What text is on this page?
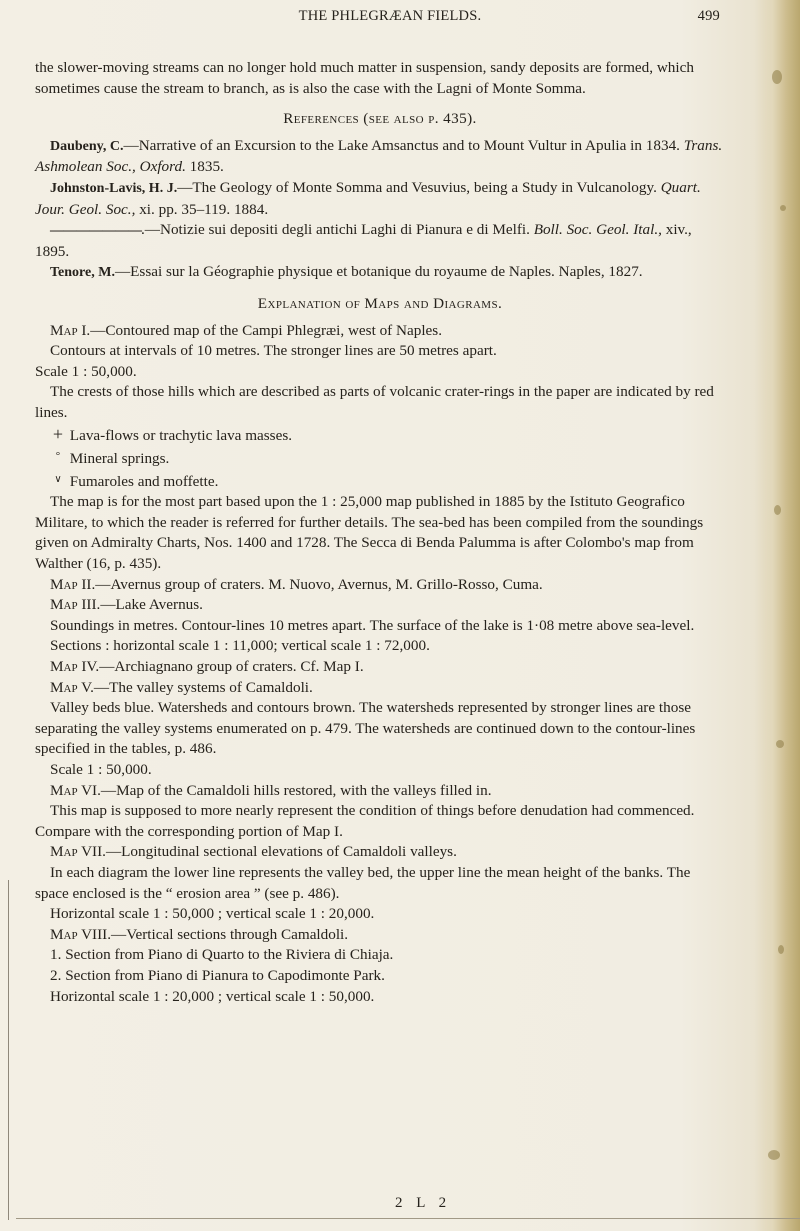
THE PHLEGRÆAN FIELDS.	499

the slower-moving streams can no longer hold much matter in suspension, sandy deposits are formed, which sometimes cause the stream to branch, as is also the case with the Lagni of Monte Somma.

References (see also p. 435).

Daubeny, C.—Narrative of an Excursion to the Lake Amsanctus and to Mount Vultur in Apulia in 1834. Trans. Ashmolean Soc., Oxford. 1835.

Johnston-Lavis, H. J.—The Geology of Monte Somma and Vesuvius, being a Study in Vulcanology. Quart. Jour. Geol. Soc., xi. pp. 35–119. 1884.

———————.—Notizie sui depositi degli antichi Laghi di Pianura e di Melfi. Boll. Soc. Geol. Ital., xiv., 1895.

Tenore, M.—Essai sur la Géographie physique et botanique du royaume de Naples. Naples, 1827.

Explanation of Maps and Diagrams.

Map I.—Contoured map of the Campi Phlegræi, west of Naples.

Contours at intervals of 10 metres. The stronger lines are 50 metres apart.

Scale 1 : 50,000.

The crests of those hills which are described as parts of volcanic crater-rings in the paper are indicated by red lines.

+ Lava-flows or trachytic lava masses.

° Mineral springs.

∨ Fumaroles and moffette.

The map is for the most part based upon the 1 : 25,000 map published in 1885 by the Istituto Geografico Militare, to which the reader is referred for further details. The sea-bed has been compiled from the soundings given on Admiralty Charts, Nos. 1400 and 1728. The Secca di Benda Palumma is after Colombo's map from Walther (16, p. 435).

Map II.—Avernus group of craters. M. Nuovo, Avernus, M. Grillo-Rosso, Cuma.

Map III.—Lake Avernus.

Soundings in metres. Contour-lines 10 metres apart. The surface of the lake is 1·08 metre above sea-level.

Sections : horizontal scale 1 : 11,000; vertical scale 1 : 72,000.

Map IV.—Archiagnano group of craters. Cf. Map I.

Map V.—The valley systems of Camaldoli.

Valley beds blue. Watersheds and contours brown. The watersheds represented by stronger lines are those separating the valley systems enumerated on p. 479. The watersheds are continued down to the contour-lines specified in the tables, p. 486.

Scale 1 : 50,000.

Map VI.—Map of the Camaldoli hills restored, with the valleys filled in.

This map is supposed to more nearly represent the condition of things before denudation had commenced. Compare with the corresponding portion of Map I.

Map VII.—Longitudinal sectional elevations of Camaldoli valleys.

In each diagram the lower line represents the valley bed, the upper line the mean height of the banks. The space enclosed is the “ erosion area ” (see p. 486).

Horizontal scale 1 : 50,000 ; vertical scale 1 : 20,000.

Map VIII.—Vertical sections through Camaldoli.

1. Section from Piano di Quarto to the Riviera di Chiaja.

2. Section from Piano di Pianura to Capodimonte Park.

Horizontal scale 1 : 20,000 ; vertical scale 1 : 50,000.

2 L 2
